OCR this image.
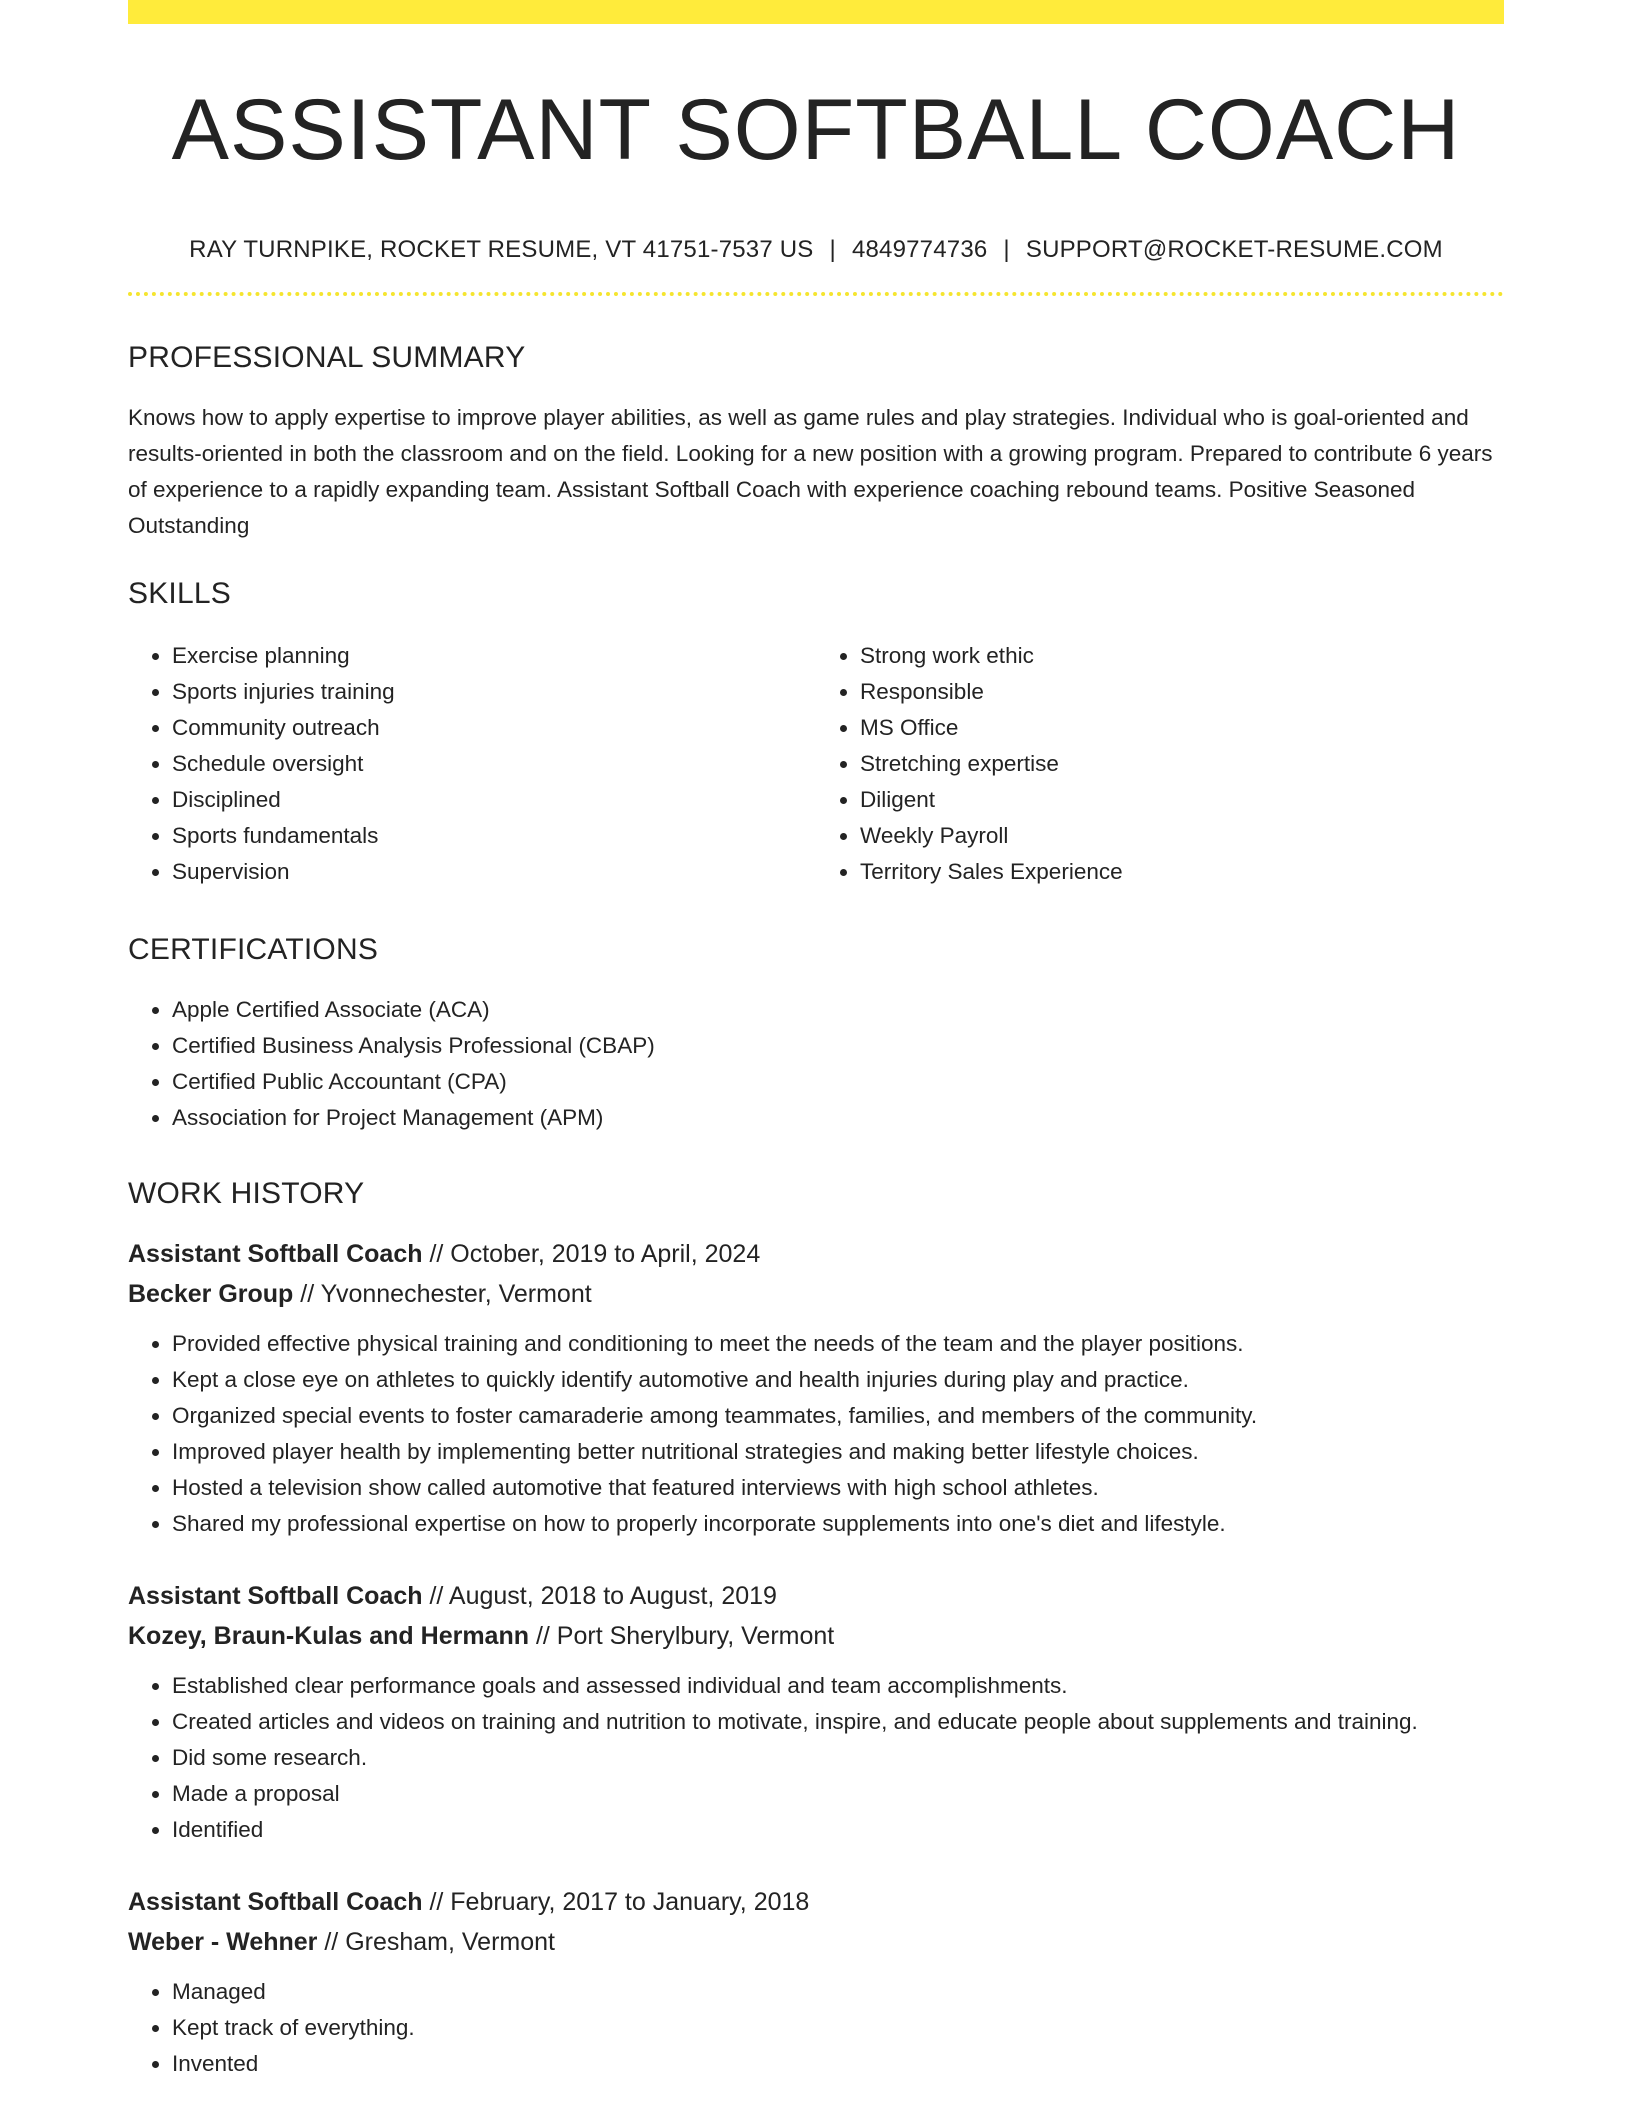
ASSISTANT SOFTBALL COACH
RAY TURNPIKE, ROCKET RESUME, VT 41751-7537 US | 4849774736 | SUPPORT@ROCKET-RESUME.COM
PROFESSIONAL SUMMARY

Knows how to apply expertise to improve player abilities, as well as game rules and play strategies. Individual who is goal-oriented and results-oriented in both the classroom and on the field. Looking for a new position with a growing program. Prepared to contribute 6 years of experience to a rapidly expanding team. Assistant Softball Coach with experience coaching rebound teams. Positive Seasoned Outstanding

SKILLS
• Exercise planning
• Sports injuries training
• Community outreach
• Schedule oversight
• Disciplined
• Sports fundamentals
• Supervision
• Strong work ethic
• Responsible
• MS Office
• Stretching expertise
• Diligent
• Weekly Payroll
• Territory Sales Experience
CERTIFICATIONS
• Apple Certified Associate (ACA)
• Certified Business Analysis Professional (CBAP)
• Certified Public Accountant (CPA)
• Association for Project Management (APM)
WORK HISTORY
Assistant Softball Coach // October, 2019 to April, 2024
Becker Group // Yvonnechester, Vermont
• Provided effective physical training and conditioning to meet the needs of the team and the player positions.
• Kept a close eye on athletes to quickly identify automotive and health injuries during play and practice.
• Organized special events to foster camaraderie among teammates, families, and members of the community.
• Improved player health by implementing better nutritional strategies and making better lifestyle choices.
• Hosted a television show called automotive that featured interviews with high school athletes.
• Shared my professional expertise on how to properly incorporate supplements into one's diet and lifestyle.
Assistant Softball Coach // August, 2018 to August, 2019
Kozey, Braun-Kulas and Hermann // Port Sherylbury, Vermont
• Established clear performance goals and assessed individual and team accomplishments.
• Created articles and videos on training and nutrition to motivate, inspire, and educate people about supplements and training.
• Did some research.
• Made a proposal
• Identified
Assistant Softball Coach // February, 2017 to January, 2018
Weber - Wehner // Gresham, Vermont
• Managed
• Kept track of everything.
• Invented
